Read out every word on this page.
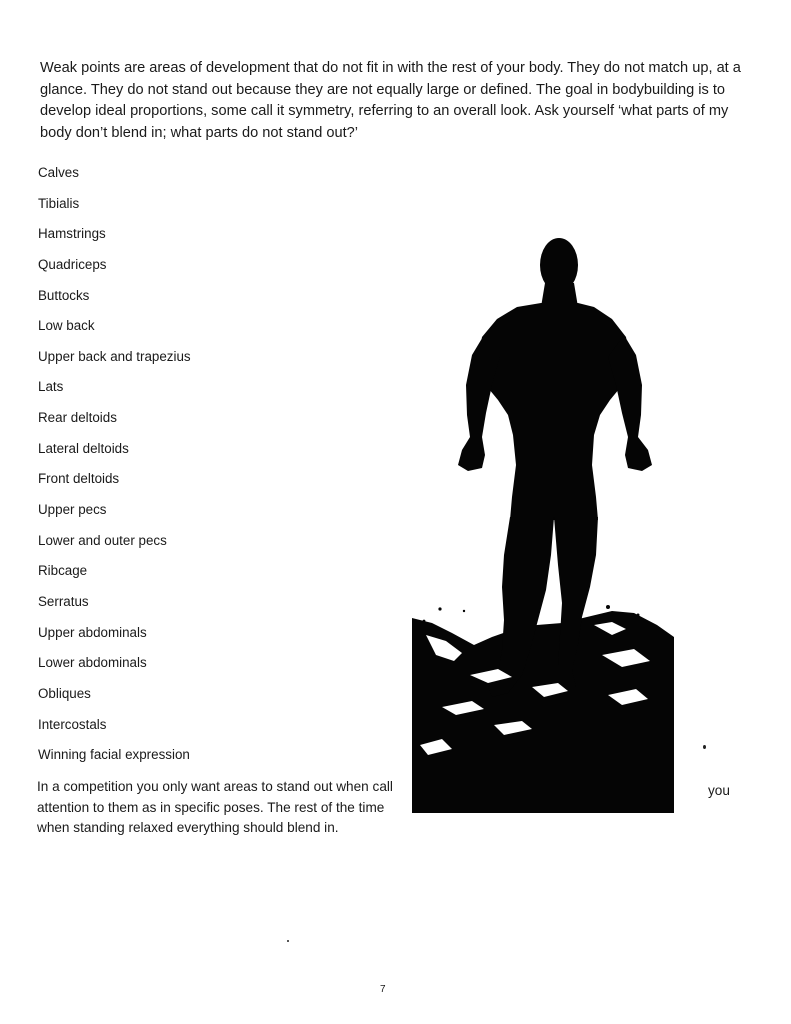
Weak points are areas of development that do not fit in with the rest of your body. They do not match up, at a glance. They do not stand out because they are not equally large or defined. The goal in bodybuilding is to develop ideal proportions, some call it symmetry, referring to an overall look. Ask yourself ‘what parts of my body don’t blend in; what parts do not stand out?’

Calves
Tibialis
Hamstrings
Quadriceps
Buttocks
Low back
Upper back and trapezius
Lats
Rear deltoids
Lateral deltoids
Front deltoids
Upper pecs
Lower and outer pecs
Ribcage
Serratus
Upper abdominals
Lower abdominals
Obliques
Intercostals
Winning facial expression

In a competition you only want areas to stand out when call attention to them as in specific poses. The rest of the time when standing relaxed everything should blend in.

you
7
